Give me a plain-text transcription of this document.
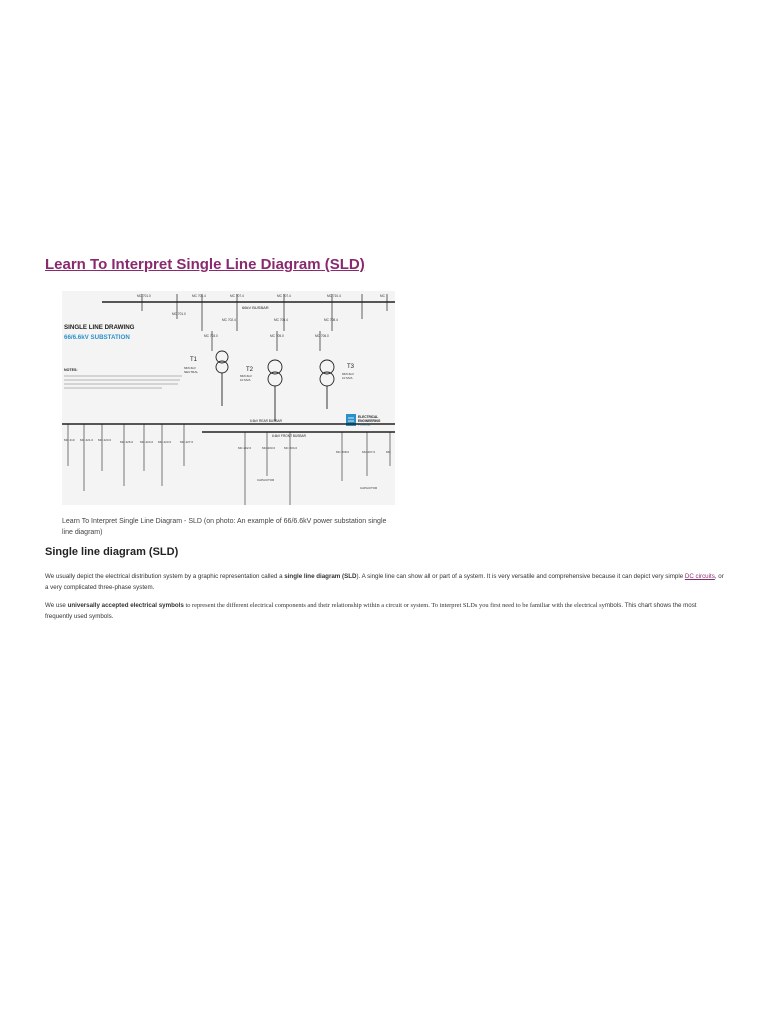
Learn To Interpret Single Line Diagram (SLD)
66kV BUSBAR
MC 701.0	MC 701.4	MC 707.4	MC 707.4	MC 710.4	MC
MC 701.0
MC 702.4	MC 705.4	MC 708.4
MC 703.0	MC 705.0	MC 706.0
SINGLE LINE DRAWING
66/6.6kV SUBSTATION
NOTES:
T1
T2	T3
66/6.6kV
NEUTRAL
66/6.6kV
10 MVA
66/6.6kV
10 MVA
ELECTRICAL
ENGINEERING
PORTAL
6.6kV REAR BUSBAR
6.6kV FRONT BUSBAR
MC 210 MC 221.0 MC 223.0	MC 226.0 MC 224.0 MC 223.0	MC 227.0
MC 202.0	MC 203.0	MC 204.0
MC 208.0	MC 207.0	MC
CAPACITOR
CAPACITOR
Learn To Interpret Single Line Diagram - SLD (on photo: An example of 66/6.6kV power substation single line diagram)
Single line diagram (SLD)

We usually depict the electrical distribution system by a graphic representation called a single line diagram (SLD). A single line can show all or part of a system. It is very versatile and comprehensive because it can depict very simple DC circuits, or a very complicated three-phase system.

We use universally accepted electrical symbols to represent the different electrical components and their relationship within a circuit or system. To interpret SLDs you first need to be familiar with the electrical symbols. This chart shows the most frequently used symbols.
